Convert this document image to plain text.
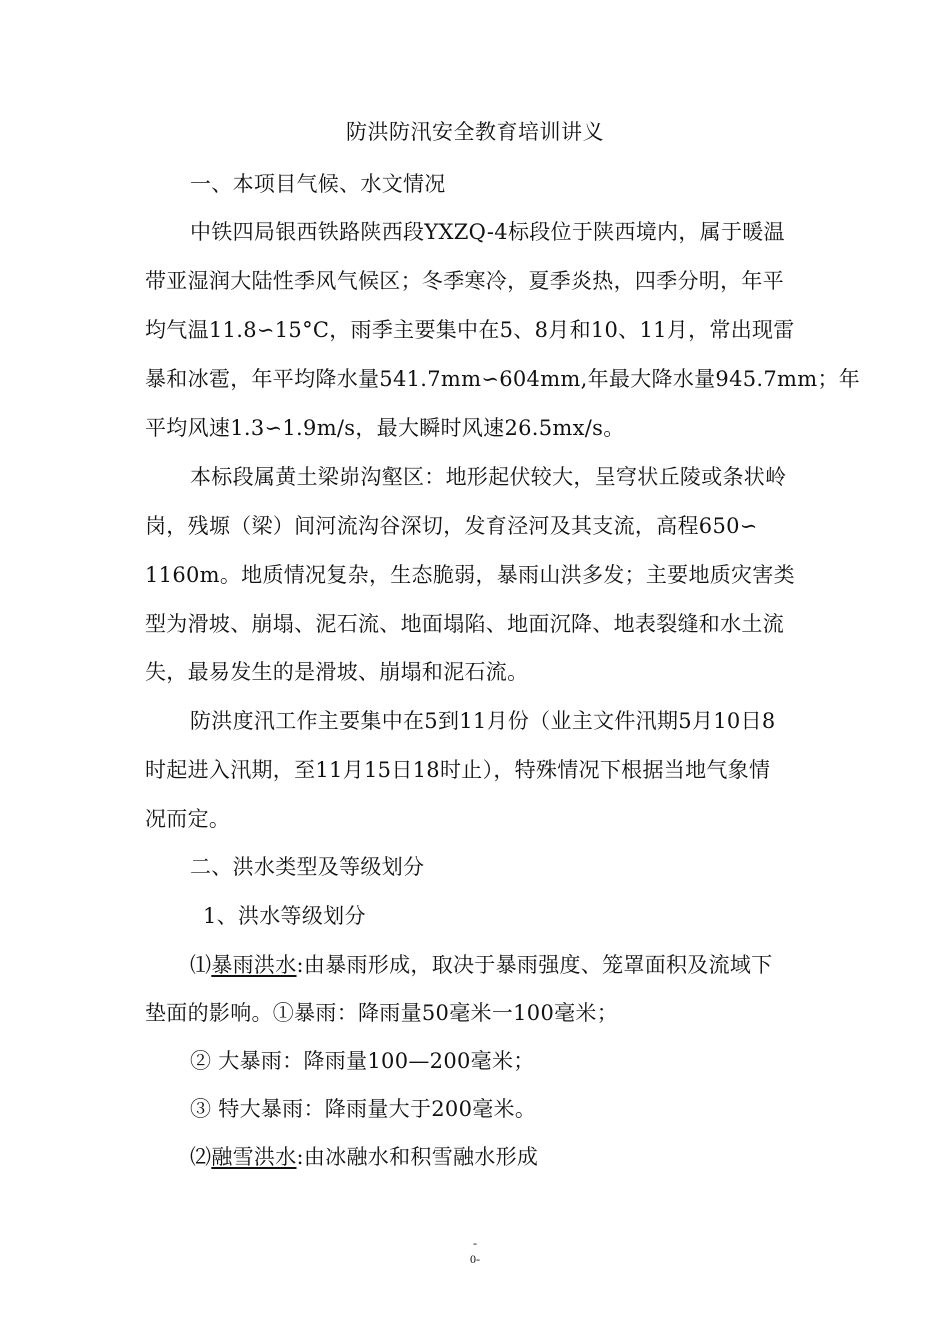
防洪防汛安全教育培训讲义
一、本项目气候、水文情况
中铁四局银西铁路陕西段YXZQ-4标段位于陕西境内，属于暖温
带亚湿润大陆性季风气候区；冬季寒冷，夏季炎热，四季分明，年平
均气温11.8∽15°C，雨季主要集中在5、8月和10、11月，常出现雷
暴和冰雹，年平均降水量541.7mm∽604mm,年最大降水量945.7mm；年
平均风速1.3∽1.9m/s，最大瞬时风速26.5mx/s。
本标段属黄土梁峁沟壑区：地形起伏较大，呈穹状丘陵或条状岭
岗，残塬（梁）间河流沟谷深切，发育泾河及其支流，高程650∽
1160m。地质情况复杂，生态脆弱，暴雨山洪多发；主要地质灾害类
型为滑坡、崩塌、泥石流、地面塌陷、地面沉降、地表裂缝和水土流
失，最易发生的是滑坡、崩塌和泥石流。
防洪度汛工作主要集中在5到11月份（业主文件汛期5月10日8
时起进入汛期，至11月15日18时止），特殊情况下根据当地气象情
况而定。
二、洪水类型及等级划分
1、洪水等级划分
⑴暴雨洪水:由暴雨形成，取决于暴雨强度、笼罩面积及流域下
垫面的影响。①暴雨：降雨量50毫米一100毫米；
② 大暴雨：降雨量100—200毫米；
③ 特大暴雨：降雨量大于200毫米。
⑵融雪洪水:由冰融水和积雪融水形成
-
0-
